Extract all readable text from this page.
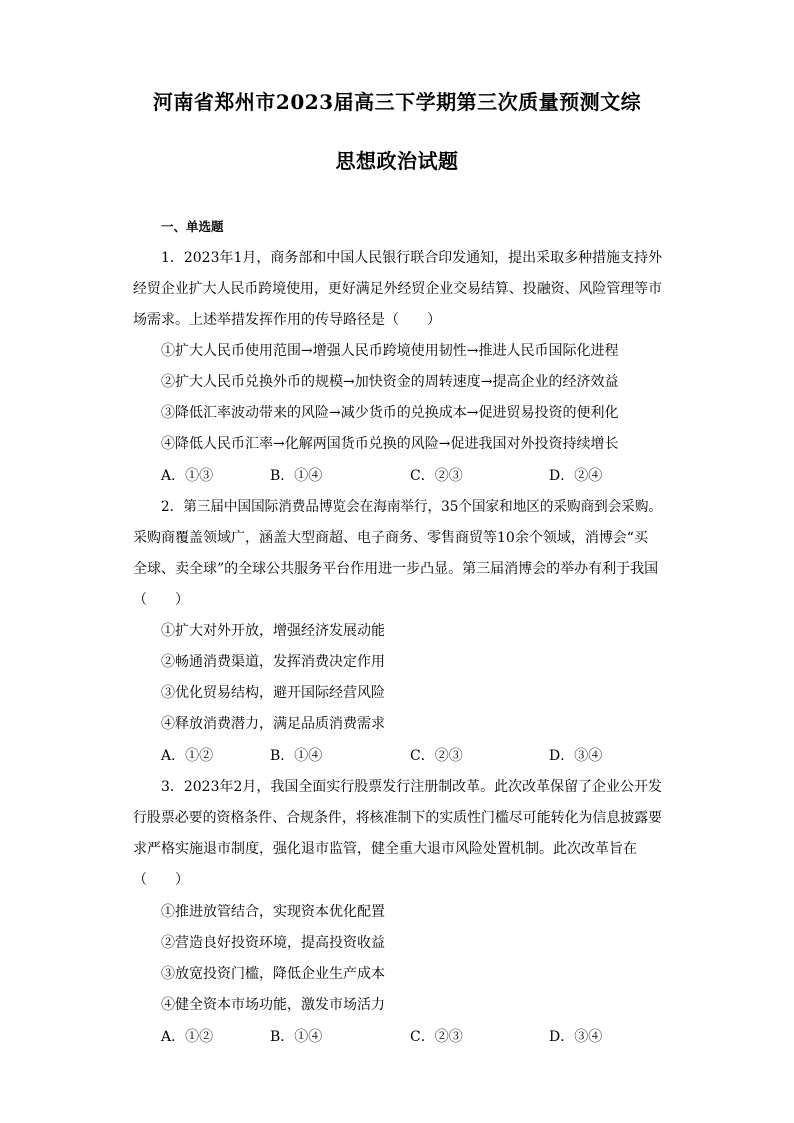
河南省郑州市2023届高三下学期第三次质量预测文综
思想政治试题
一、单选题
1．2023年1月，商务部和中国人民银行联合印发通知，提出采取多种措施支持外
经贸企业扩大人民币跨境使用，更好满足外经贸企业交易结算、投融资、风险管理等市
场需求。上述举措发挥作用的传导路径是（　　）
①扩大人民币使用范围→增强人民币跨境使用韧性→推进人民币国际化进程
②扩大人民币兑换外币的规模→加快资金的周转速度→提高企业的经济效益
③降低汇率波动带来的风险→减少货币的兑换成本→促进贸易投资的便利化
④降低人民币汇率→化解两国货币兑换的风险→促进我国对外投资持续增长
A．①③	B．①④	C．②③	D．②④
2．第三届中国国际消费品博览会在海南举行，35个国家和地区的采购商到会采购。
采购商覆盖领域广，涵盖大型商超、电子商务、零售商贸等10余个领域，消博会“买
全球、卖全球”的全球公共服务平台作用进一步凸显。第三届消博会的举办有利于我国
（　　）
①扩大对外开放，增强经济发展动能
②畅通消费渠道，发挥消费决定作用
③优化贸易结构，避开国际经营风险
④释放消费潜力，满足品质消费需求
A．①②	B．①④	C．②③	D．③④
3．2023年2月，我国全面实行股票发行注册制改革。此次改革保留了企业公开发
行股票必要的资格条件、合规条件，将核准制下的实质性门槛尽可能转化为信息披露要
求严格实施退市制度，强化退市监管，健全重大退市风险处置机制。此次改革旨在
（　　）
①推进放管结合，实现资本优化配置
②营造良好投资环境，提高投资收益
③放宽投资门槛，降低企业生产成本
④健全资本市场功能，激发市场活力
A．①②	B．①④	C．②③	D．③④
